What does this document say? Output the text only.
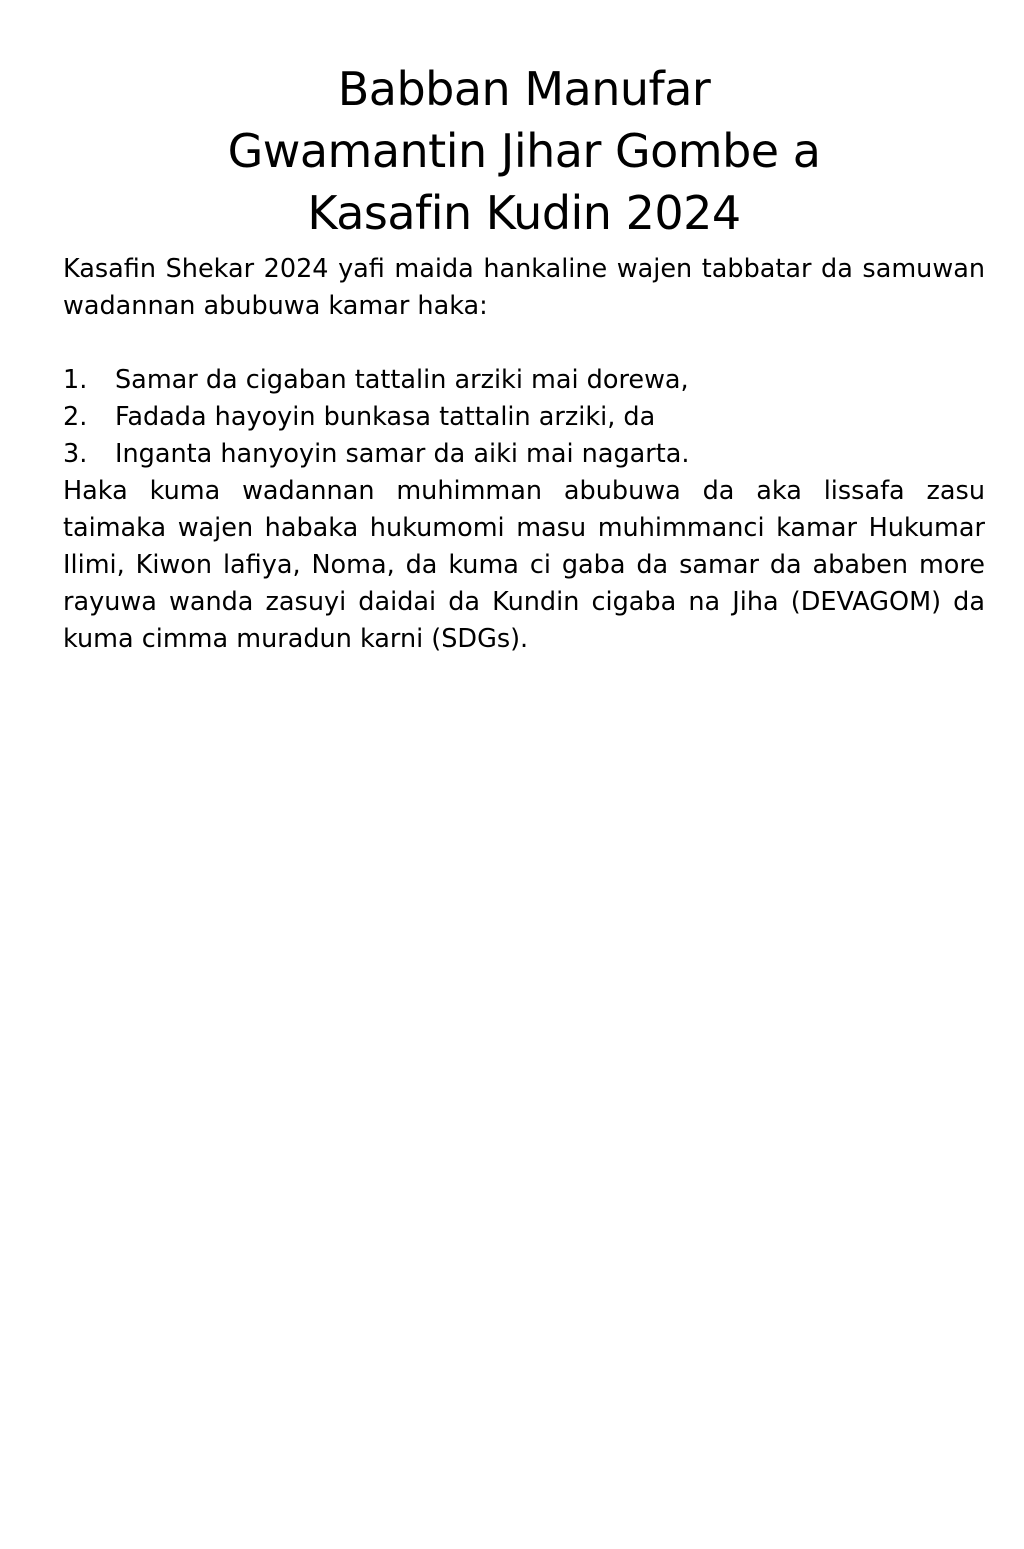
Babban Manufar
Gwamantin Jihar Gombe a
Kasafin Kudin 2024

Kasafin Shekar 2024 yafi maida hankaline wajen tabbatar da samuwan wadannan abubuwa kamar haka:

1.	Samar da cigaban tattalin arziki mai dorewa,
2.	Fadada hayoyin bunkasa tattalin arziki, da
3.	Inganta hanyoyin samar da aiki mai nagarta.

Haka kuma wadannan muhimman abubuwa da aka lissafa zasu taimaka wajen habaka hukumomi masu muhimmanci kamar Hukumar Ilimi, Kiwon lafiya, Noma, da kuma ci gaba da samar da ababen more rayuwa wanda zasuyi daidai da Kundin cigaba na Jiha (DEVAGOM) da kuma cimma muradun karni (SDGs).
